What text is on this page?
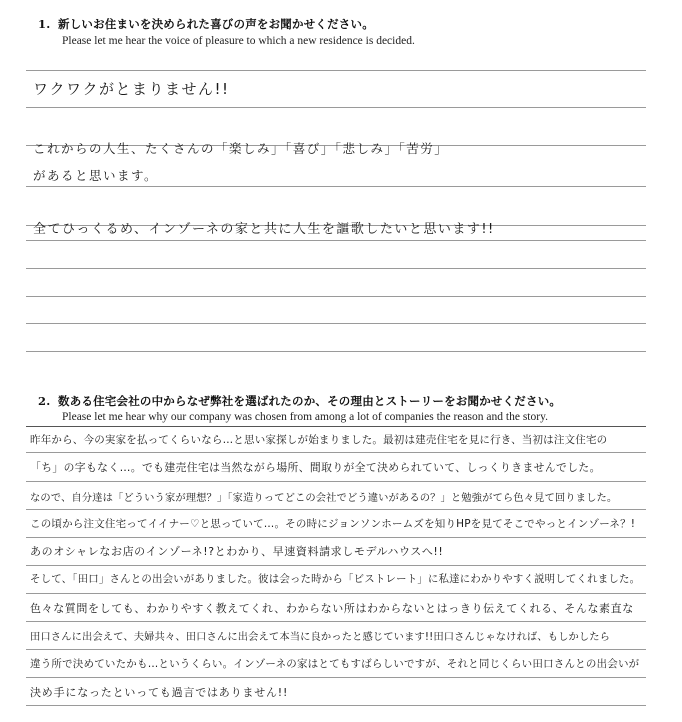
1. 新しいお住まいを決められた喜びの声をお聞かせください。
Please let me hear the voice of pleasure to which a new residence is decided.
ワクワクがとまりません!!
これからの人生、たくさんの「楽しみ」「喜び」「悲しみ」「苦労」
があると思います。
全てひっくるめ、インゾーネの家と共に人生を謳歌したいと思います!!
2. 数ある住宅会社の中からなぜ弊社を選ばれたのか、その理由とストーリーをお聞かせください。
Please let me hear why our company was chosen from among a lot of companies the reason and the story.
昨年から、今の実家を払ってくらいなら…と思い家探しが始まりました。最初は建売住宅を見に行き、当初は注文住宅の
「ち」の字もなく…。でも建売住宅は当然ながら場所、間取りが全て決められていて、しっくりきませんでした。
なので、自分達は「どういう家が理想？」「家造りってどこの会社でどう違いがあるの？」と勉強がてら色々見て回りました。
この頃から注文住宅ってイイナー♡と思っていて…。その時にジョンソンホームズを知りHPを見てそこでやっとインゾーネ？!
あのオシャレなお店のインゾーネ!?とわかり、早速資料請求しモデルハウスへ!!
そして、「田口」さんとの出会いがありました。彼は会った時から「ビストレート」に私達にわかりやすく説明してくれました。
色々な質問をしても、わかりやすく教えてくれ、わからない所はわからないとはっきり伝えてくれる、そんな素直な
田口さんに出会えて、夫婦共々、田口さんに出会えて本当に良かったと感じています!!田口さんじゃなければ、もしかしたら
違う所で決めていたかも…というくらい。インゾーネの家はとてもすばらしいですが、それと同じくらい田口さんとの出会いが
決め手になったといっても過言ではありません!!
